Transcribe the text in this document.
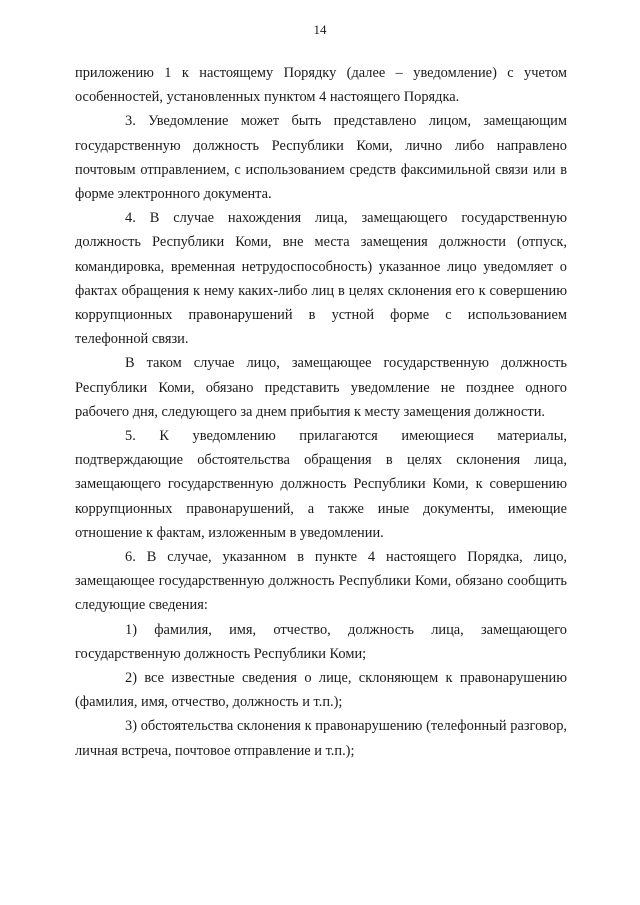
14

приложению 1 к настоящему Порядку (далее – уведомление) с учетом особенностей, установленных пунктом 4 настоящего Порядка.

3. Уведомление может быть представлено лицом, замещающим государственную должность Республики Коми, лично либо направлено почтовым отправлением, с использованием средств факсимильной связи или в форме электронного документа.

4. В случае нахождения лица, замещающего государственную должность Республики Коми, вне места замещения должности (отпуск, командировка, временная нетрудоспособность) указанное лицо уведомляет о фактах обращения к нему каких-либо лиц в целях склонения его к совершению коррупционных правонарушений в устной форме с использованием телефонной связи.

В таком случае лицо, замещающее государственную должность Республики Коми, обязано представить уведомление не позднее одного рабочего дня, следующего за днем прибытия к месту замещения должности.

5. К уведомлению прилагаются имеющиеся материалы, подтверждающие обстоятельства обращения в целях склонения лица, замещающего государственную должность Республики Коми, к совершению коррупционных правонарушений, а также иные документы, имеющие отношение к фактам, изложенным в уведомлении.

6. В случае, указанном в пункте 4 настоящего Порядка, лицо, замещающее государственную должность Республики Коми, обязано сообщить следующие сведения:

1) фамилия, имя, отчество, должность лица, замещающего государственную должность Республики Коми;

2) все известные сведения о лице, склоняющем к правонарушению (фамилия, имя, отчество, должность и т.п.);

3) обстоятельства склонения к правонарушению (телефонный разговор, личная встреча, почтовое отправление и т.п.);
